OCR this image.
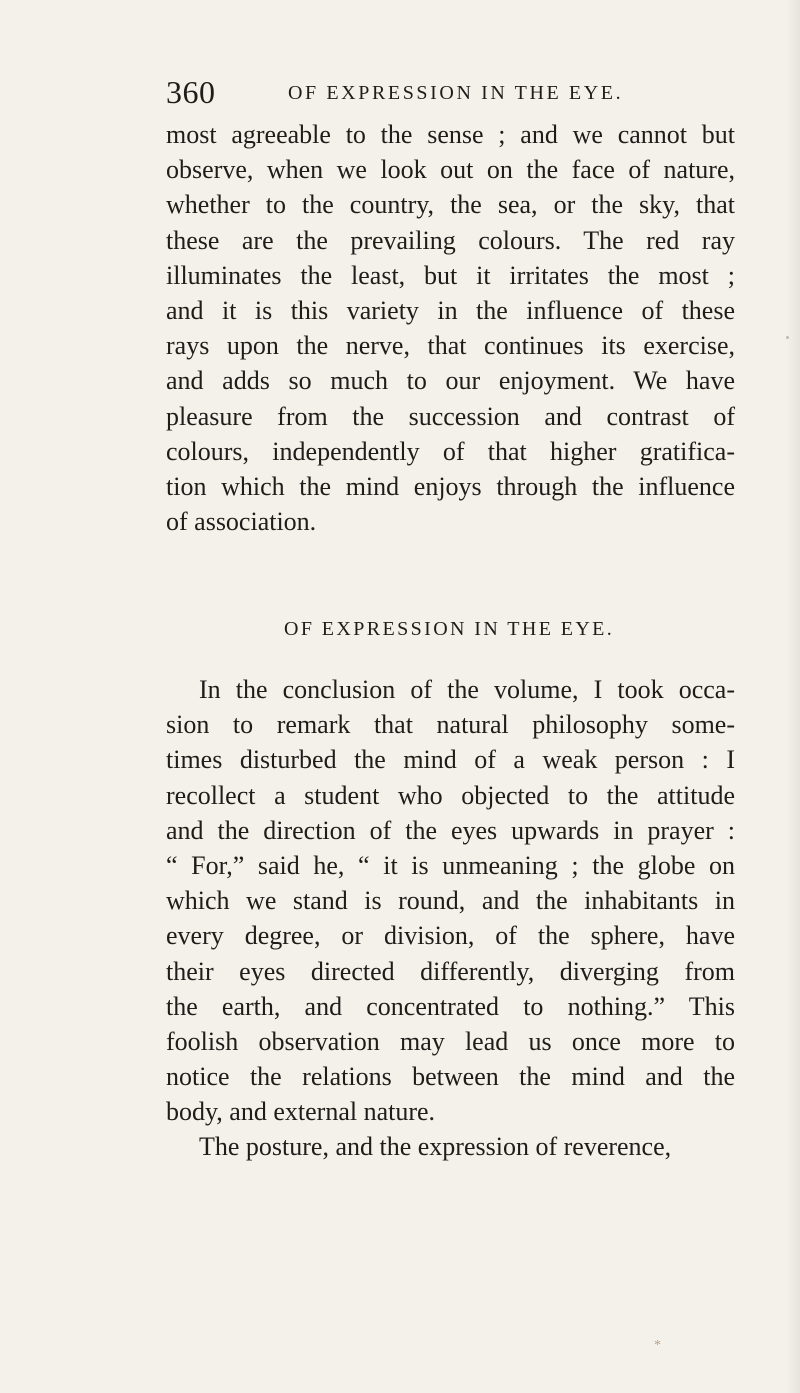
360	OF EXPRESSION IN THE EYE.
most agreeable to the sense ; and we cannot but
observe, when we look out on the face of nature,
whether to the country, the sea, or the sky, that
these are the prevailing colours. The red ray
illuminates the least, but it irritates the most ;
and it is this variety in the influence of these
rays upon the nerve, that continues its exercise,
and adds so much to our enjoyment. We have
pleasure from the succession and contrast of
colours, independently of that higher gratifica-
tion which the mind enjoys through the influence
of association.
OF EXPRESSION IN THE EYE.
In the conclusion of the volume, I took occa-
sion to remark that natural philosophy some-
times disturbed the mind of a weak person : I
recollect a student who objected to the attitude
and the direction of the eyes upwards in prayer :
“ For,” said he, “ it is unmeaning ; the globe on
which we stand is round, and the inhabitants in
every degree, or division, of the sphere, have
their eyes directed differently, diverging from
the earth, and concentrated to nothing.” This
foolish observation may lead us once more to
notice the relations between the mind and the
body, and external nature.
The posture, and the expression of reverence,
*
